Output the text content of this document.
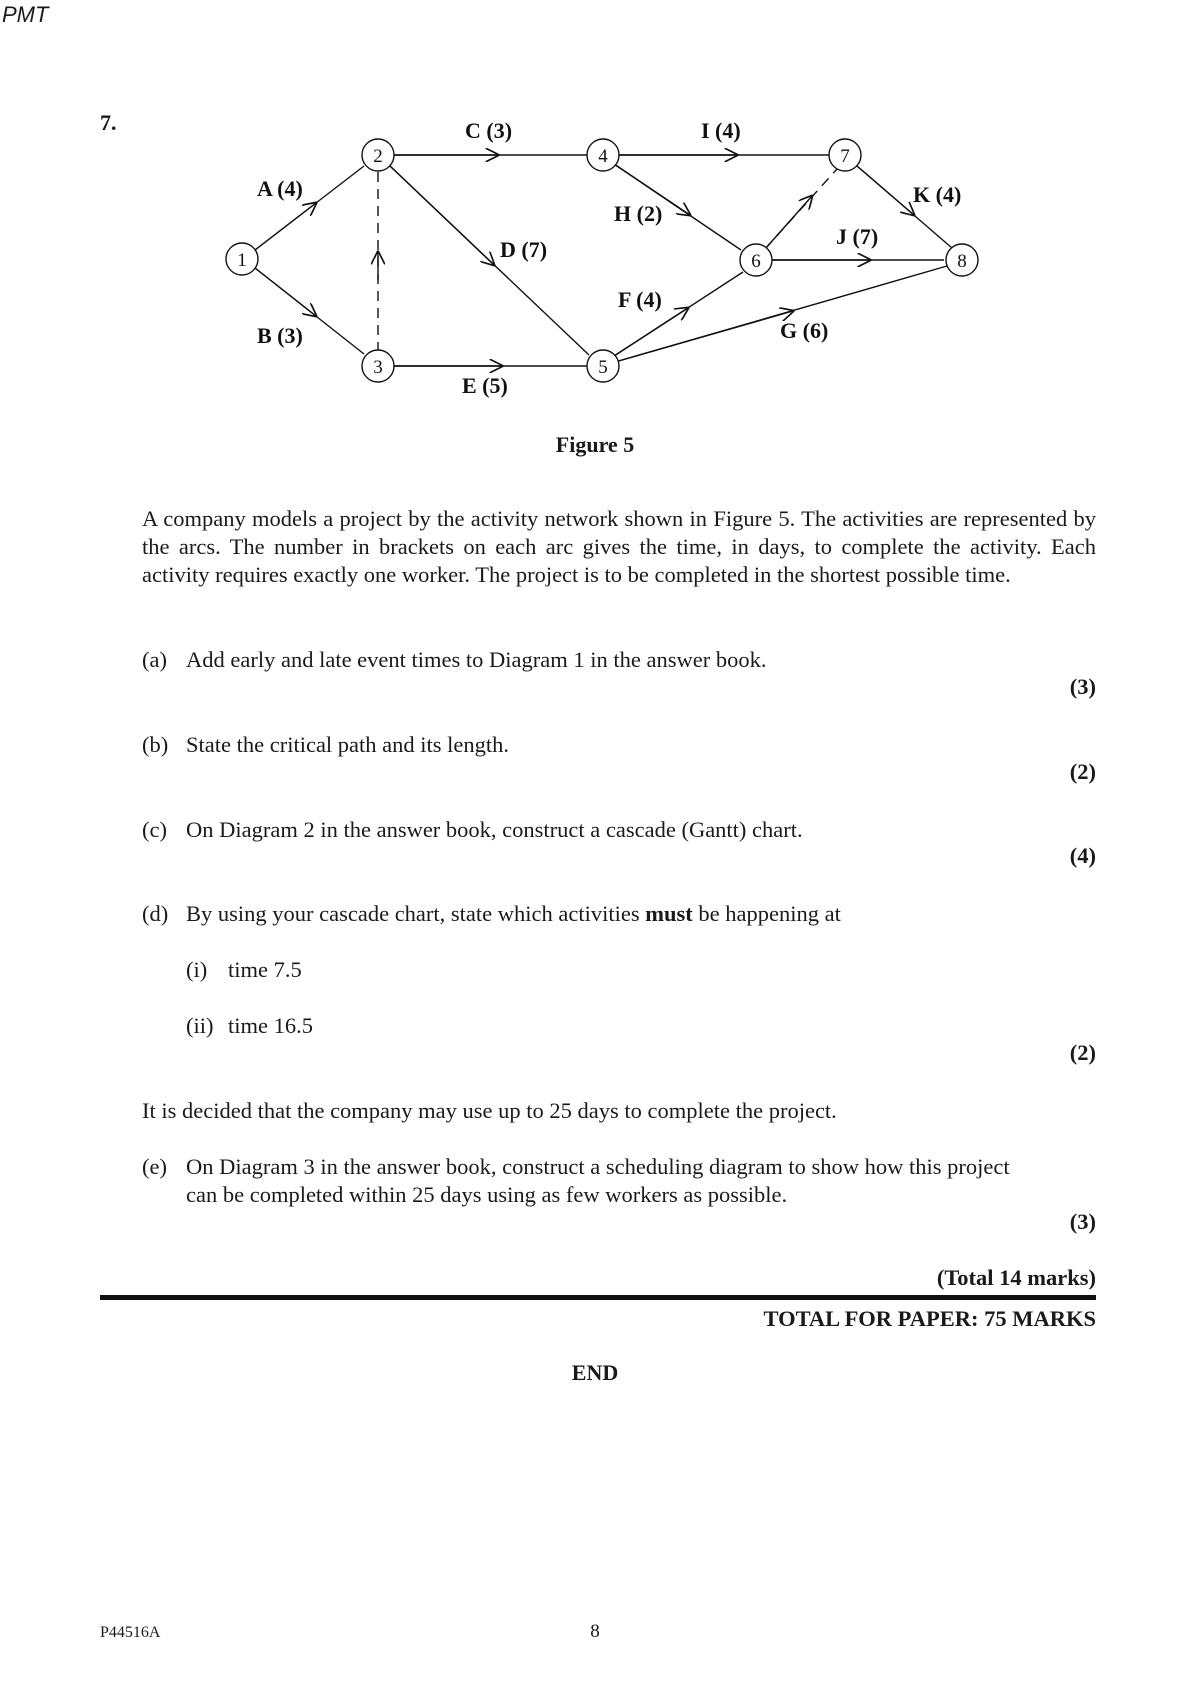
PMT
7.
1
2
3
4
5
6
7
8
A (4)
B (3)
C (3)
D (7)
E (5)
F (4)
G (6)
H (2)
I (4)
J (7)
K (4)
Figure 5
A company models a project by the activity network shown in Figure 5. The activities are represented by the arcs. The number in brackets on each arc gives the time, in days, to complete the activity. Each activity requires exactly one worker. The project is to be completed in the shortest possible time.
(a) Add early and late event times to Diagram 1 in the answer book.
(3)
(b) State the critical path and its length.
(2)
(c) On Diagram 2 in the answer book, construct a cascade (Gantt) chart.
(4)
(d) By using your cascade chart, state which activities must be happening at
(i) time 7.5
(ii) time 16.5
(2)
It is decided that the company may use up to 25 days to complete the project.
(e) On Diagram 3 in the answer book, construct a scheduling diagram to show how this project
can be completed within 25 days using as few workers as possible.
(3)
(Total 14 marks)
TOTAL FOR PAPER: 75 MARKS
END
P44516A	8
